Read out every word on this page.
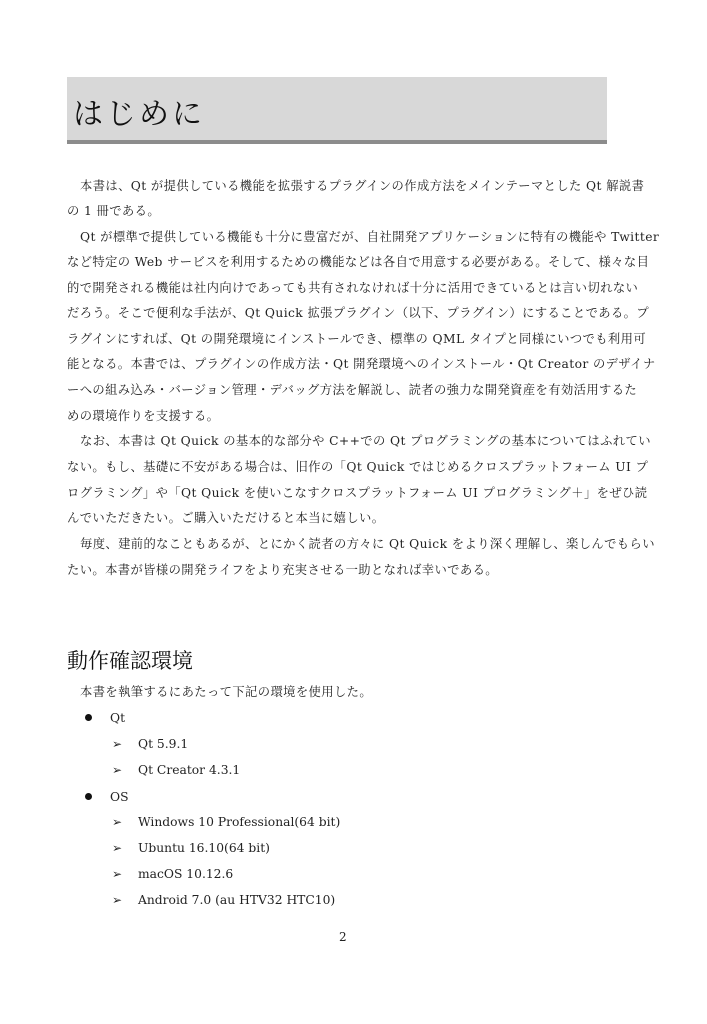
はじめに
本書は、Qt が提供している機能を拡張するプラグインの作成方法をメインテーマとした Qt 解説書
の 1 冊である。
Qt が標準で提供している機能も十分に豊富だが、自社開発アプリケーションに特有の機能や Twitter
など特定の Web サービスを利用するための機能などは各自で用意する必要がある。そして、様々な目
的で開発される機能は社内向けであっても共有されなければ十分に活用できているとは言い切れない
だろう。そこで便利な手法が、Qt Quick 拡張プラグイン（以下、プラグイン）にすることである。プ
ラグインにすれば、Qt の開発環境にインストールでき、標準の QML タイプと同様にいつでも利用可
能となる。本書では、プラグインの作成方法・Qt 開発環境へのインストール・Qt Creator のデザイナ
ーへの組み込み・バージョン管理・デバッグ方法を解説し、読者の強力な開発資産を有効活用するた
めの環境作りを支援する。
なお、本書は Qt Quick の基本的な部分や C++での Qt プログラミングの基本についてはふれてい
ない。もし、基礎に不安がある場合は、旧作の「Qt Quick ではじめるクロスプラットフォーム UI プ
ログラミング」や「Qt Quick を使いこなすクロスプラットフォーム UI プログラミング＋」をぜひ読
んでいただきたい。ご購入いただけると本当に嬉しい。
毎度、建前的なこともあるが、とにかく読者の方々に Qt Quick をより深く理解し、楽しんでもらい
たい。本書が皆様の開発ライフをより充実させる一助となれば幸いである。
動作確認環境
本書を執筆するにあたって下記の環境を使用した。
Qt
➢ Qt 5.9.1
➢ Qt Creator 4.3.1
OS
➢ Windows 10 Professional(64 bit)
➢ Ubuntu 16.10(64 bit)
➢ macOS 10.12.6
➢ Android 7.0 (au HTV32 HTC10)
2
